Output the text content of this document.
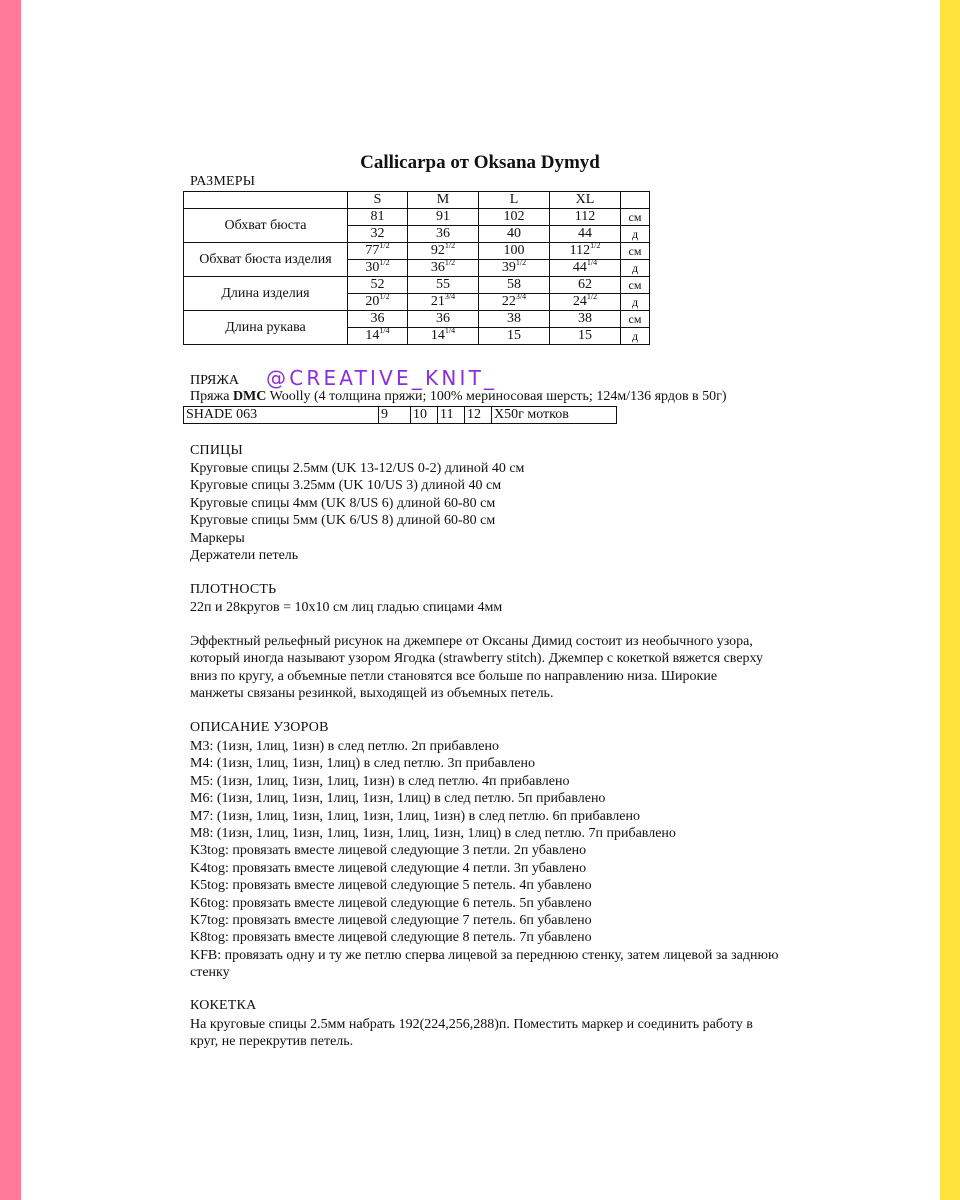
Callicarpa от Oksana Dymyd
РАЗМЕРЫ
	S	M	L	XL	
Обхват бюста	81	91	102	112	см
	32	36	40	44	д
Обхват бюста изделия	$77^{1/2}$	$92^{1/2}$	100	$112^{1/2}$	см
	$30^{1/2}$	$36^{1/2}$	$39^{1/2}$	$44^{1/4}$	д
Длина изделия	52	55	58	62	см
	$20^{1/2}$	$21^{3/4}$	$22^{3/4}$	$24^{1/2}$	д
Длина рукава	36	36	38	38	см
	$14^{1/4}$	$14^{1/4}$	15	15	д
ПРЯЖА @CREATIVE_KNIT_
Пряжа DMC Woolly (4 толщина пряжи; 100% мериносовая шерсть; 124м/136 ярдов в 50г)
SHADE 063	9	10	11	12	X50г мотков
СПИЦЫ
Круговые спицы 2.5мм (UK 13-12/US 0-2) длиной 40 см
Круговые спицы 3.25мм (UK 10/US 3) длиной 40 см
Круговые спицы 4мм (UK 8/US 6) длиной 60-80 см
Круговые спицы 5мм (UK 6/US 8) длиной 60-80 см
Маркеры
Держатели петель
ПЛОТНОСТЬ
22п и 28кругов = 10x10 см лиц гладью спицами 4мм
Эффектный рельефный рисунок на джемпере от Оксаны Димид состоит из необычного узора, который иногда называют узором Ягодка (strawberry stitch). Джемпер с кокеткой вяжется сверху вниз по кругу, а объемные петли становятся все больше по направлению низа. Широкие манжеты связаны резинкой, выходящей из объемных петель.
ОПИСАНИЕ УЗОРОВ
M3: (1изн, 1лиц, 1изн) в след петлю. 2п прибавлено
M4: (1изн, 1лиц, 1изн, 1лиц) в след петлю. 3п прибавлено
M5: (1изн, 1лиц, 1изн, 1лиц, 1изн) в след петлю. 4п прибавлено
M6: (1изн, 1лиц, 1изн, 1лиц, 1изн, 1лиц) в след петлю. 5п прибавлено
M7: (1изн, 1лиц, 1изн, 1лиц, 1изн, 1лиц, 1изн) в след петлю. 6п прибавлено
M8: (1изн, 1лиц, 1изн, 1лиц, 1изн, 1лиц, 1изн, 1лиц) в след петлю. 7п прибавлено
K3tog: провязать вместе лицевой следующие 3 петли. 2п убавлено
K4tog: провязать вместе лицевой следующие 4 петли. 3п убавлено
K5tog: провязать вместе лицевой следующие 5 петель. 4п убавлено
K6tog: провязать вместе лицевой следующие 6 петель. 5п убавлено
K7tog: провязать вместе лицевой следующие 7 петель. 6п убавлено
K8tog: провязать вместе лицевой следующие 8 петель. 7п убавлено
KFB: провязать одну и ту же петлю сперва лицевой за переднюю стенку, затем лицевой за заднюю стенку
КОКЕТКА
На круговые спицы 2.5мм набрать 192(224,256,288)п. Поместить маркер и соединить работу в круг, не перекрутив петель.
